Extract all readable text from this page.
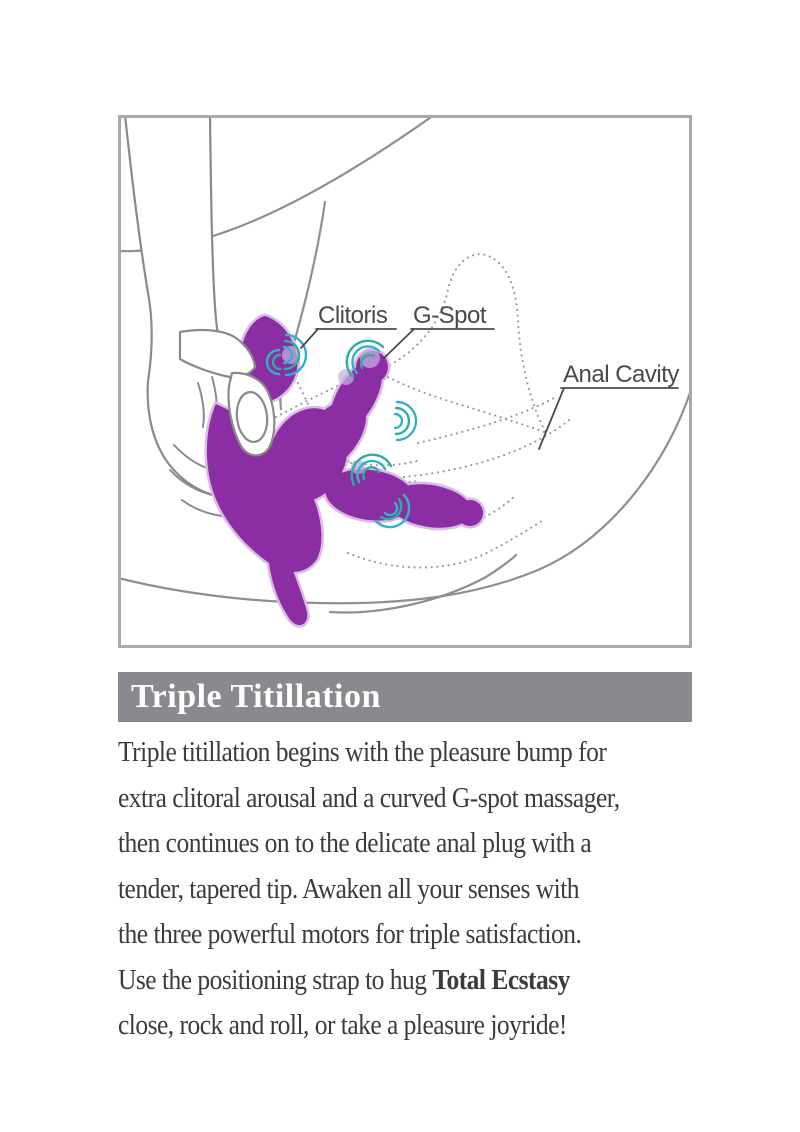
Clitoris G-Spot
Anal Cavity
Triple Titillation
Triple titillation begins with the pleasure bump for
extra clitoral arousal and a curved G-spot massager,
then continues on to the delicate anal plug with a
tender, tapered tip. Awaken all your senses with
the three powerful motors for triple satisfaction.
Use the positioning strap to hug Total Ecstasy
close, rock and roll, or take a pleasure joyride!
